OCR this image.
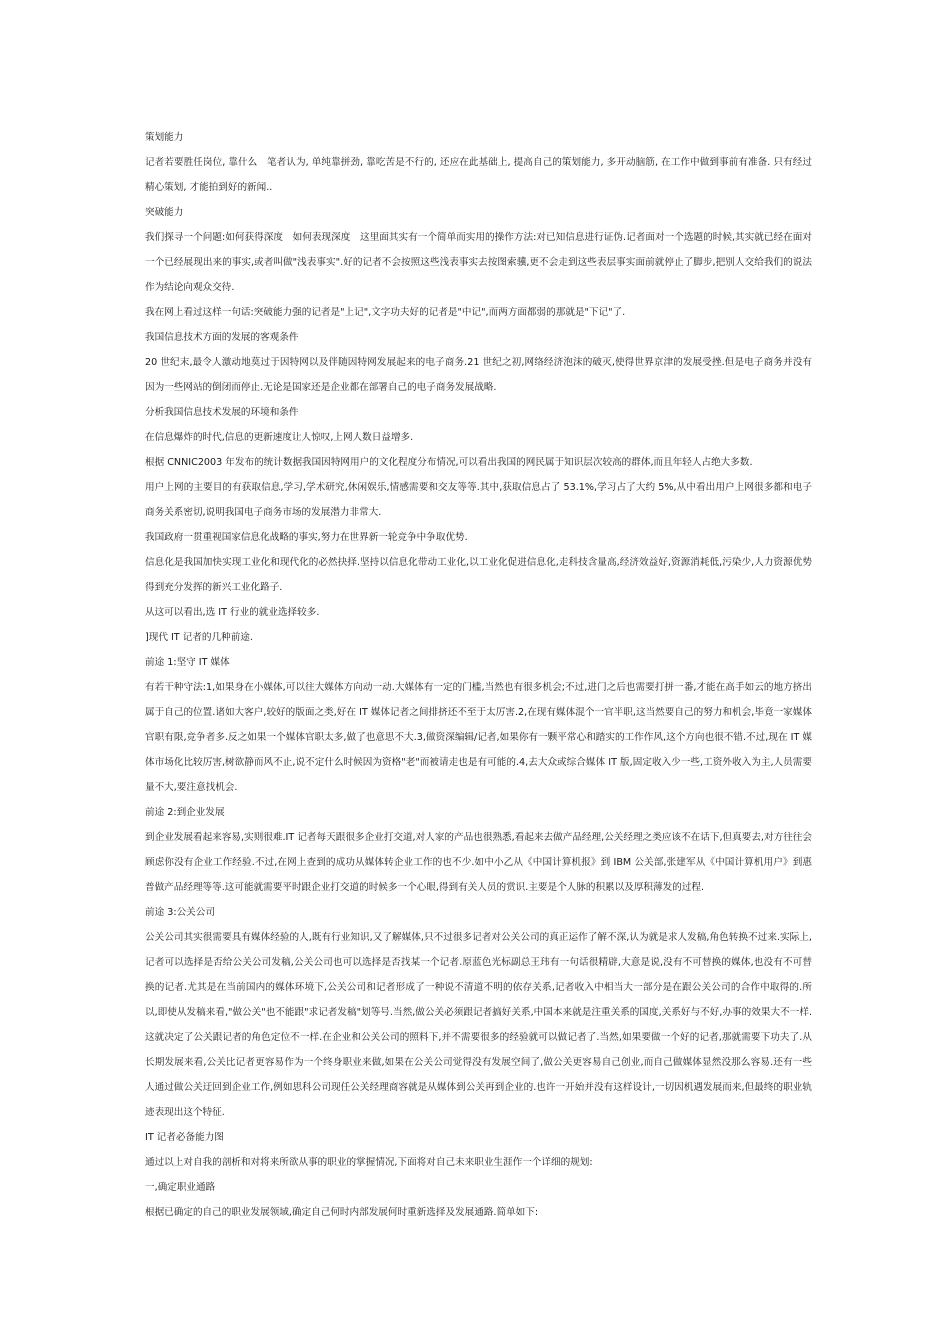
策划能力

记者若要胜任岗位, 靠什么　笔者认为, 单纯靠拼劲, 靠吃苦是不行的, 还应在此基础上, 提高自己的策划能力, 多开动脑筋, 在工作中做到事前有准备. 只有经过精心策划, 才能拍到好的新闻..

突破能力

我们探寻一个问题:如何获得深度　如何表现深度　这里面其实有一个简单而实用的操作方法:对已知信息进行证伪.记者面对一个选题的时候,其实就已经在面对一个已经展现出来的事实,或者叫做"浅表事实".好的记者不会按照这些浅表事实去按图索骥,更不会走到这些表层事实面前就停止了脚步,把别人交给我们的说法作为结论向观众交待.

我在网上看过这样一句话:突破能力强的记者是"上记",文字功夫好的记者是"中记",而两方面都弱的那就是"下记"了.

我国信息技术方面的发展的客观条件

20 世纪末,最令人激动地莫过于因特网以及伴随因特网发展起来的电子商务.21 世纪之初,网络经济泡沫的破灭,使得世界京津的发展受挫.但是电子商务并没有因为一些网站的倒闭而停止.无论是国家还是企业都在部署自己的电子商务发展战略.

分析我国信息技术发展的环境和条件

在信息爆炸的时代,信息的更新速度让人惊叹,上网人数日益增多.

根据 CNNIC2003 年发布的统计数据我国因特网用户的文化程度分布情况,可以看出我国的网民属于知识层次较高的群体,而且年轻人占绝大多数.

用户上网的主要目的有获取信息,学习,学术研究,休闲娱乐,情感需要和交友等等.其中,获取信息占了 53.1%,学习占了大约 5%,从中看出用户上网很多都和电子商务关系密切,说明我国电子商务市场的发展潜力非常大.

我国政府一贯重视国家信息化战略的事实,努力在世界新一轮竞争中争取优势.

信息化是我国加快实现工业化和现代化的必然抉择.坚持以信息化带动工业化,以工业化促进信息化,走科技含量高,经济效益好,资源消耗低,污染少,人力资源优势得到充分发挥的新兴工业化路子.

从这可以看出,选 IT 行业的就业选择较多.

]现代 IT 记者的几种前途.

前途 1:坚守 IT 媒体

有若干种守法:1,如果身在小媒体,可以往大媒体方向动一动.大媒体有一定的门槛,当然也有很多机会;不过,进门之后也需要打拼一番,才能在高手如云的地方挤出属于自己的位置.诸如大客户,较好的版面之类,好在 IT 媒体记者之间排挤还不至于太厉害.2,在现有媒体混个一官半职,这当然要自己的努力和机会,毕竟一家媒体官职有限,竞争者多.反之如果一个媒体官职太多,做了也意思不大.3,做资深编辑/记者,如果你有一颗平常心和踏实的工作作风,这个方向也很不错.不过,现在 IT 媒体市场化比较厉害,树欲静而风不止,说不定什么时候因为资格"老"而被请走也是有可能的.4,去大众或综合媒体 IT 版,固定收入少一些,工资外收入为主,人员需要量不大,要注意找机会.

前途 2:到企业发展

到企业发展看起来容易,实则很难.IT 记者每天跟很多企业打交道,对人家的产品也很熟悉,看起来去做产品经理,公关经理之类应该不在话下,但真要去,对方往往会顾虑你没有企业工作经验.不过,在网上查到的成功从媒体转企业工作的也不少.如中小乙从《中国计算机报》到 IBM 公关部,张建军从《中国计算机用户》到惠普做产品经理等等.这可能就需要平时跟企业打交道的时候多一个心眼,得到有关人员的赏识.主要是个人脉的积累以及厚积薄发的过程.

前途 3:公关公司

公关公司其实很需要具有媒体经验的人,既有行业知识,又了解媒体,只不过很多记者对公关公司的真正运作了解不深,认为就是求人发稿,角色转换不过来.实际上,记者可以选择是否给公关公司发稿,公关公司也可以选择是否找某一个记者.原蓝色光标副总王玮有一句话很精辟,大意是说,没有不可替换的媒体,也没有不可替换的记者.尤其是在当前国内的媒体环境下,公关公司和记者形成了一种说不清道不明的依存关系,记者收入中相当大一部分是在跟公关公司的合作中取得的.所以,即使从发稿来看,"做公关"也不能跟"求记者发稿"划等号.当然,做公关必须跟记者搞好关系,中国本来就是注重关系的国度,关系好与不好,办事的效果大不一样.这就决定了公关跟记者的角色定位不一样.在企业和公关公司的照料下,并不需要很多的经验就可以做记者了.当然,如果要做一个好的记者,那就需要下功夫了.从长期发展来看,公关比记者更容易作为一个终身职业来做,如果在公关公司觉得没有发展空间了,做公关更容易自己创业,而自己做媒体显然没那么容易.还有一些人通过做公关迂回到企业工作,例如思科公司现任公关经理商容就是从媒体到公关再到企业的.也许一开始并没有这样设计,一切因机遇发展而来,但最终的职业轨迹表现出这个特征.

IT 记者必备能力图

通过以上对自我的剖析和对将来所欲从事的职业的掌握情况,下面将对自己未来职业生涯作一个详细的规划:

一,确定职业通路

根据已确定的自己的职业发展领域,确定自己何时内部发展何时重新选择及发展通路.简单如下:
